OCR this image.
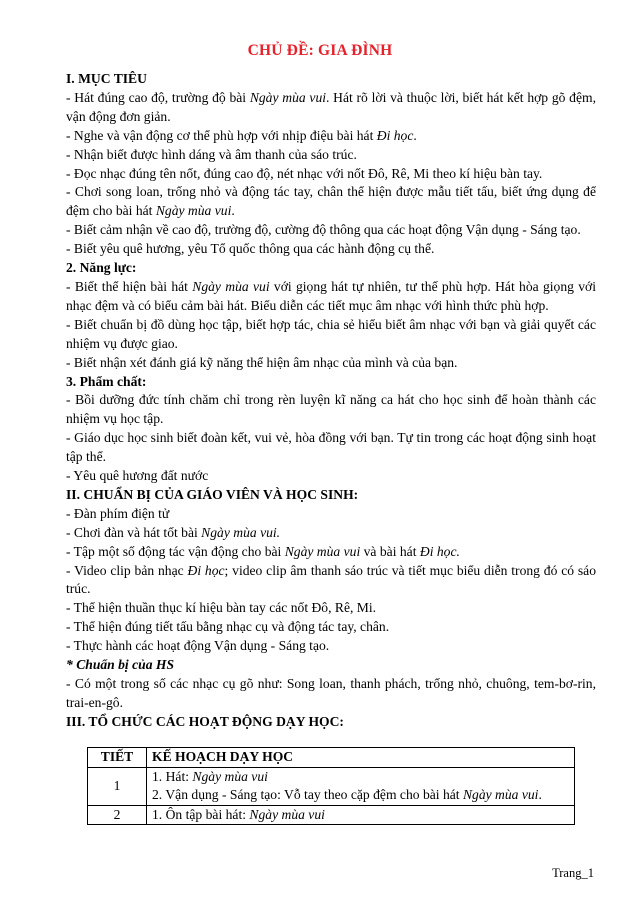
CHỦ ĐỀ: GIA ĐÌNH

I. MỤC TIÊU

- Hát đúng cao độ, trường độ bài Ngày mùa vui. Hát rõ lời và thuộc lời, biết hát kết hợp gõ đệm, vận động đơn giản.

- Nghe và vận động cơ thể phù hợp với nhịp điệu bài hát Đi học.

- Nhận biết được hình dáng và âm thanh của sáo trúc.

- Đọc nhạc đúng tên nốt, đúng cao độ, nét nhạc với nốt Đô, Rê, Mi theo kí hiệu bàn tay.

- Chơi song loan, trống nhỏ và động tác tay, chân thể hiện được mẫu tiết tấu, biết ứng dụng để đệm cho bài hát Ngày mùa vui.

- Biết cảm nhận về cao độ, trường độ, cường độ thông qua các hoạt động Vận dụng - Sáng tạo.

- Biết yêu quê hương, yêu Tổ quốc thông qua các hành động cụ thể.

2. Năng lực:

- Biết thể hiện bài hát Ngày mùa vui với giọng hát tự nhiên, tư thế phù hợp. Hát hòa giọng với nhạc đệm và có biểu cảm bài hát. Biểu diễn các tiết mục âm nhạc với hình thức phù hợp.

- Biết chuẩn bị đồ dùng học tập, biết hợp tác, chia sẻ hiểu biết âm nhạc với bạn và giải quyết các nhiệm vụ được giao.

- Biết nhận xét đánh giá kỹ năng thể hiện âm nhạc của mình và của bạn.

3. Phẩm chất:

- Bồi dưỡng đức tính chăm chỉ trong rèn luyện kĩ năng ca hát cho học sinh để hoàn thành các nhiệm vụ học tập.

- Giáo dục học sinh biết đoàn kết, vui vẻ, hòa đồng với bạn. Tự tin trong các hoạt động sinh hoạt tập thể.

- Yêu quê hương đất nước

II. CHUẨN BỊ CỦA GIÁO VIÊN VÀ HỌC SINH:

- Đàn phím điện tử

- Chơi đàn và hát tốt bài Ngày mùa vui.

- Tập một số động tác vận động cho bài Ngày mùa vui và bài hát Đi học.

- Video clip bản nhạc Đi học; video clip âm thanh sáo trúc và tiết mục biểu diễn trong đó có sáo trúc.

- Thể hiện thuần thục kí hiệu bàn tay các nốt Đô, Rê, Mi.

- Thể hiện đúng tiết tấu bằng nhạc cụ và động tác tay, chân.

- Thực hành các hoạt động Vận dụng - Sáng tạo.

* Chuẩn bị của HS

- Có một trong số các nhạc cụ gõ như: Song loan, thanh phách, trống nhỏ, chuông, tem-bơ-rin, trai-en-gô.

III. TỔ CHỨC CÁC HOẠT ĐỘNG DẠY HỌC:

TIẾT	KẾ HOẠCH DẠY HỌC
1	1. Hát: Ngày mùa vui
2. Vận dụng - Sáng tạo: Vỗ tay theo cặp đệm cho bài hát Ngày mùa vui.

2	1. Ôn tập bài hát: Ngày mùa vui
Trang_1
